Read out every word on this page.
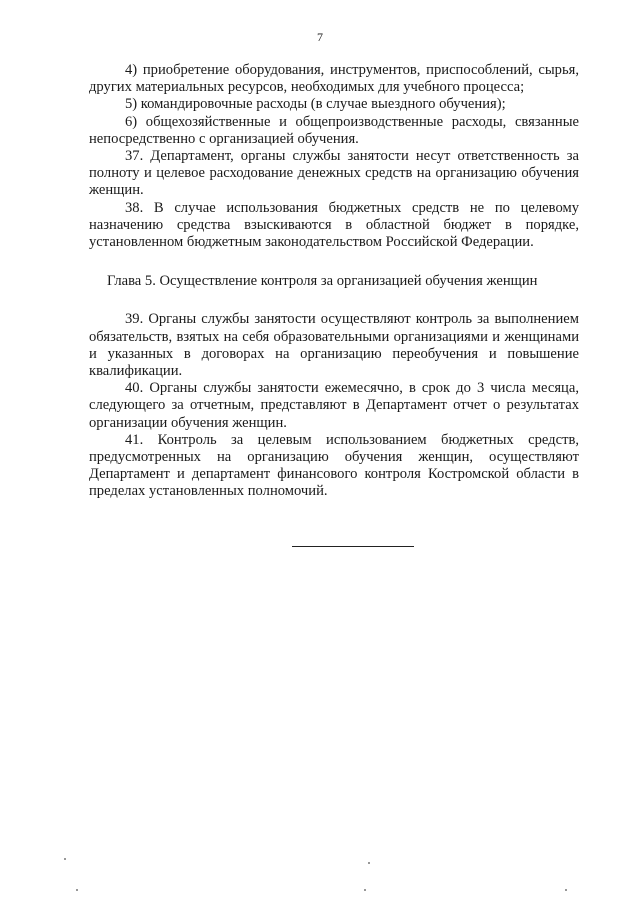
7

4) приобретение оборудования, инструментов, приспособлений, сырья, других материальных ресурсов, необходимых для учебного процесса;

5) командировочные расходы (в случае выездного обучения);

6) общехозяйственные и общепроизводственные расходы, связанные непосредственно с организацией обучения.

37. Департамент, органы службы занятости несут ответственность за полноту и целевое расходование денежных средств на организацию обучения женщин.

38. В случае использования бюджетных средств не по целевому назначению средства взыскиваются в областной бюджет в порядке, установленном бюджетным законодательством Российской Федерации.

Глава 5. Осуществление контроля за организацией обучения женщин

39. Органы службы занятости осуществляют контроль за выполнением обязательств, взятых на себя образовательными организациями и женщинами и указанных в договорах на организацию переобучения и повышение квалификации.

40. Органы службы занятости ежемесячно, в срок до 3 числа месяца, следующего за отчетным, представляют в Департамент отчет о результатах организации обучения женщин.

41. Контроль за целевым использованием бюджетных средств, предусмотренных на организацию обучения женщин, осуществляют Департамент и департамент финансового контроля Костромской области в пределах установленных полномочий.
